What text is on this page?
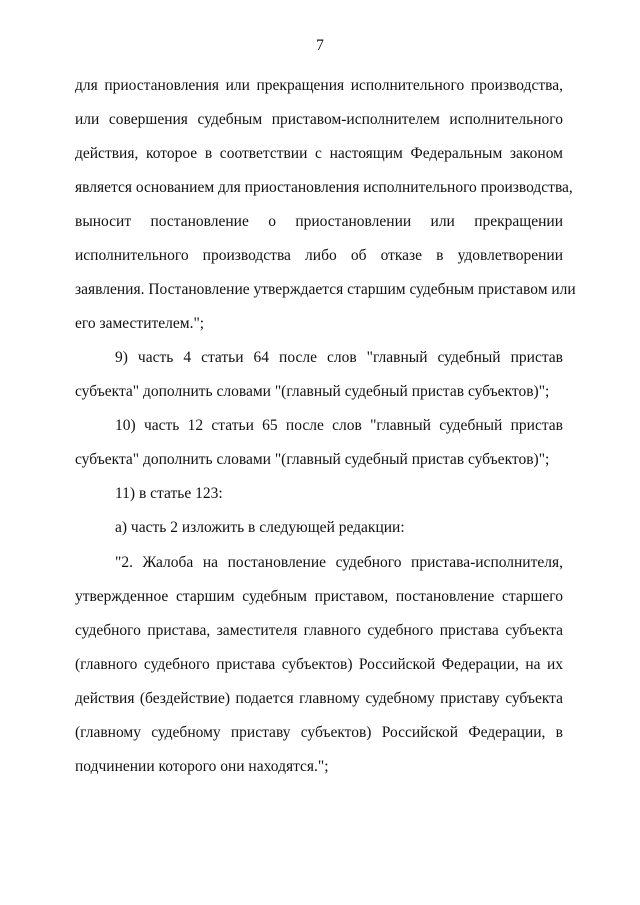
7
для приостановления или прекращения исполнительного производства,
или совершения судебным приставом-исполнителем исполнительного
действия, которое в соответствии с настоящим Федеральным законом
является основанием для приостановления исполнительного производства,
выносит постановление о приостановлении или прекращении
исполнительного производства либо об отказе в удовлетворении
заявления. Постановление утверждается старшим судебным приставом или
его заместителем.";
9) часть 4 статьи 64 после слов "главный судебный пристав
субъекта" дополнить словами "(главный судебный пристав субъектов)";
10) часть 12 статьи 65 после слов "главный судебный пристав
субъекта" дополнить словами "(главный судебный пристав субъектов)";
11) в статье 123:
а) часть 2 изложить в следующей редакции:
"2. Жалоба на постановление судебного пристава-исполнителя,
утвержденное старшим судебным приставом, постановление старшего
судебного пристава, заместителя главного судебного пристава субъекта
(главного судебного пристава субъектов) Российской Федерации, на их
действия (бездействие) подается главному судебному приставу субъекта
(главному судебному приставу субъектов) Российской Федерации, в
подчинении которого они находятся.";
